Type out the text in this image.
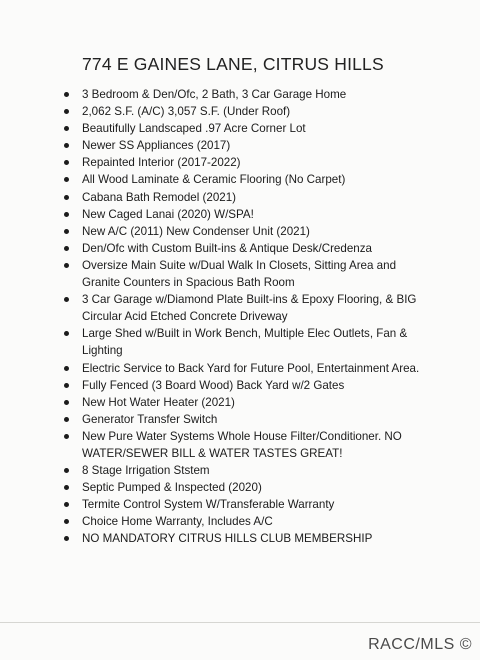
774 E GAINES LANE, CITRUS HILLS
3 Bedroom & Den/Ofc, 2 Bath, 3 Car Garage Home
2,062 S.F. (A/C) 3,057 S.F. (Under Roof)
Beautifully Landscaped .97 Acre Corner Lot
Newer SS Appliances (2017)
Repainted Interior (2017-2022)
All Wood Laminate & Ceramic Flooring (No Carpet)
Cabana Bath Remodel (2021)
New Caged Lanai (2020) W/SPA!
New A/C (2011) New Condenser Unit (2021)
Den/Ofc with Custom Built-ins & Antique Desk/Credenza
Oversize Main Suite w/Dual Walk In Closets, Sitting Area and Granite Counters in Spacious Bath Room
3 Car Garage w/Diamond Plate Built-ins & Epoxy Flooring, & BIG Circular Acid Etched Concrete Driveway
Large Shed w/Built in Work Bench, Multiple Elec Outlets, Fan & Lighting
Electric Service to Back Yard for Future Pool, Entertainment Area.
Fully Fenced (3 Board Wood) Back Yard w/2 Gates
New Hot Water Heater (2021)
Generator Transfer Switch
New Pure Water Systems Whole House Filter/Conditioner. NO WATER/SEWER BILL & WATER TASTES GREAT!
8 Stage Irrigation Ststem
Septic Pumped & Inspected (2020)
Termite Control System W/Transferable Warranty
Choice Home Warranty, Includes A/C
NO MANDATORY CITRUS HILLS CLUB MEMBERSHIP
RACC/MLS ©
